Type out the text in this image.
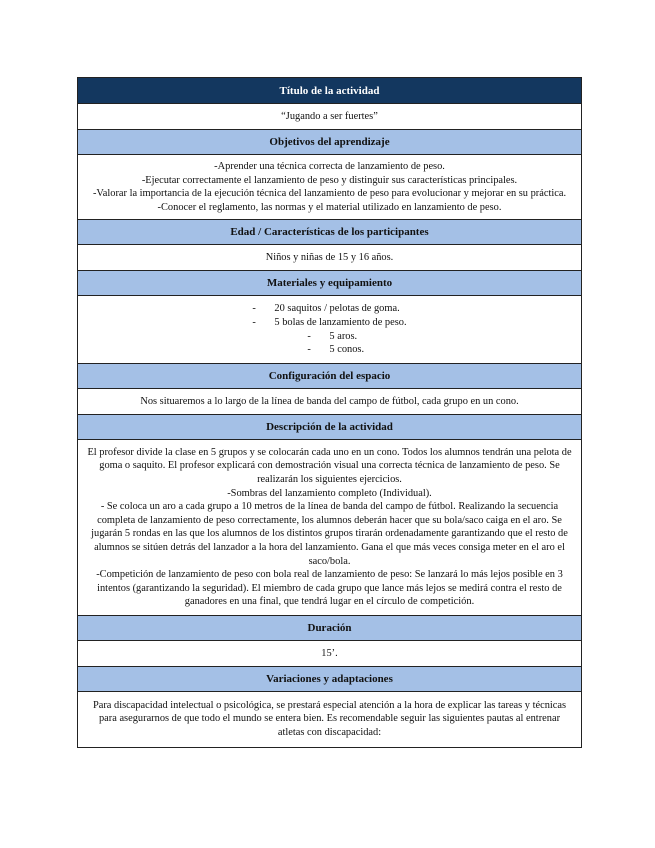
Título de la actividad
“Jugando a ser fuertes”
Objetivos del aprendizaje

-Aprender una técnica correcta de lanzamiento de peso.

-Ejecutar correctamente el lanzamiento de peso y distinguir sus características principales.

-Valorar la importancia de la ejecución técnica del lanzamiento de peso para evolucionar y mejorar en su práctica.

-Conocer el reglamento, las normas y el material utilizado en lanzamiento de peso.

Edad / Características de los participantes
Niños y niñas de 15 y 16 años.
Materiales y equipamiento
- 20 saquitos / pelotas de goma.
- 5 bolas de lanzamiento de peso.
- 5 aros.
- 5 conos.
Configuración del espacio
Nos situaremos a lo largo de la línea de banda del campo de fútbol, cada grupo en un cono.
Descripción de la actividad

El profesor divide la clase en 5 grupos y se colocarán cada uno en un cono. Todos los alumnos tendrán una pelota de goma o saquito. El profesor explicará con demostración visual una correcta técnica de lanzamiento de peso. Se realizarán los siguientes ejercicios.

-Sombras del lanzamiento completo (Individual).

- Se coloca un aro a cada grupo a 10 metros de la línea de banda del campo de fútbol. Realizando la secuencia completa de lanzamiento de peso correctamente, los alumnos deberán hacer que su bola/saco caiga en el aro. Se jugarán 5 rondas en las que los alumnos de los distintos grupos tirarán ordenadamente garantizando que el resto de alumnos se sitúen detrás del lanzador a la hora del lanzamiento. Gana el que más veces consiga meter en el aro el saco/bola.

-Competición de lanzamiento de peso con bola real de lanzamiento de peso: Se lanzará lo más lejos posible en 3 intentos (garantizando la seguridad). El miembro de cada grupo que lance más lejos se medirá contra el resto de ganadores en una final, que tendrá lugar en el círculo de competición.

Duración
15’.
Variaciones y adaptaciones
Para discapacidad intelectual o psicológica, se prestará especial atención a la hora de explicar las tareas y técnicas para asegurarnos de que todo el mundo se entera bien. Es recomendable seguir las siguientes pautas al entrenar atletas con discapacidad:
